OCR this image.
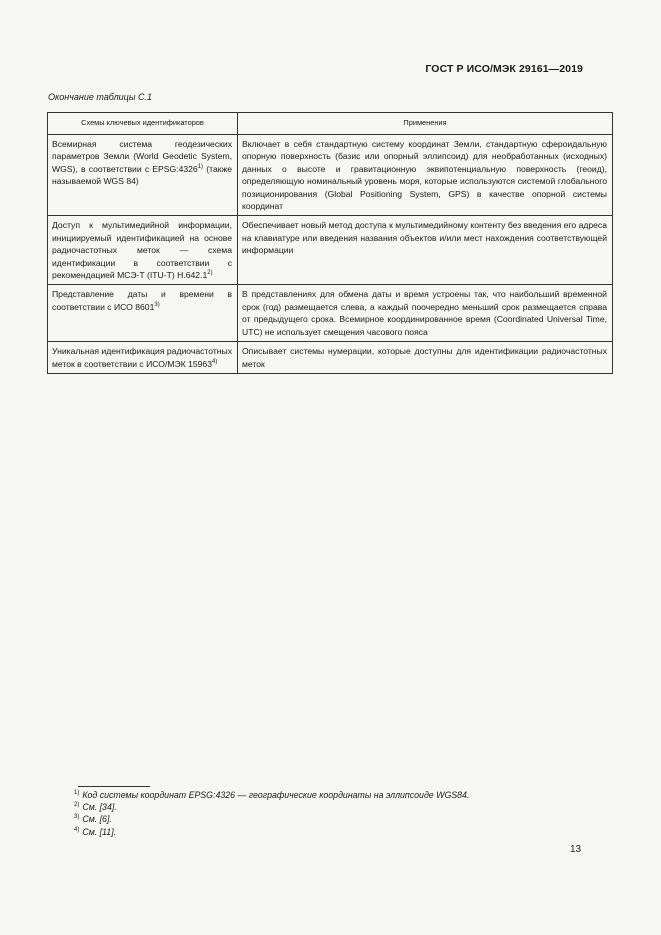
ГОСТ Р ИСО/МЭК 29161—2019
Окончание таблицы С.1
Схемы ключевых идентификаторов	Применения
Всемирная система геодезических параметров Земли (World Geodetic System, WGS), в соответствии с EPSG:4326$^{1)}$ (также называемой WGS 84)	Включает в себя стандартную систему координат Земли, стандартную сфероидальную опорную поверхность (базис или опорный эллипсоид) для необработанных (исходных) данных о высоте и гравитационную эквипотенциальную поверхность (геоид), определяющую номинальный уровень моря, которые используются системой глобального позиционирования (Global Positioning System, GPS) в качестве опорной системы координат
Доступ к мультимедийной информации, инициируемый идентификацией на основе радиочастотных меток — схема идентификации в соответствии с рекомендацией МСЭ-Т (ITU-T) Н.642.1$^{2)}$	Обеспечивает новый метод доступа к мультимедийному контенту без введения его адреса на клавиатуре или введения названия объектов и/или мест нахождения соответствующей информации
Представление даты и времени в соответствии с ИСО 8601$^{3)}$	В представлениях для обмена даты и время устроены так, что наибольший временной срок (год) размещается слева, а каждый поочередно меньший срок размещается справа от предыдущего срока. Всемирное координированное время (Coordinated Universal Time, UTC) не использует смещения часового пояса
Уникальная идентификация радиочастотных меток в соответствии с ИСО/МЭК 15963$^{4)}$	Описывает системы нумерации, которые доступны для идентификации радиочастотных меток
$^{1)}$ Код системы координат EPSG:4326 — географические координаты на эллипсоиде WGS84.
$^{2)}$ См. [34].
$^{3)}$ См. [6].
$^{4)}$ См. [11].
13
